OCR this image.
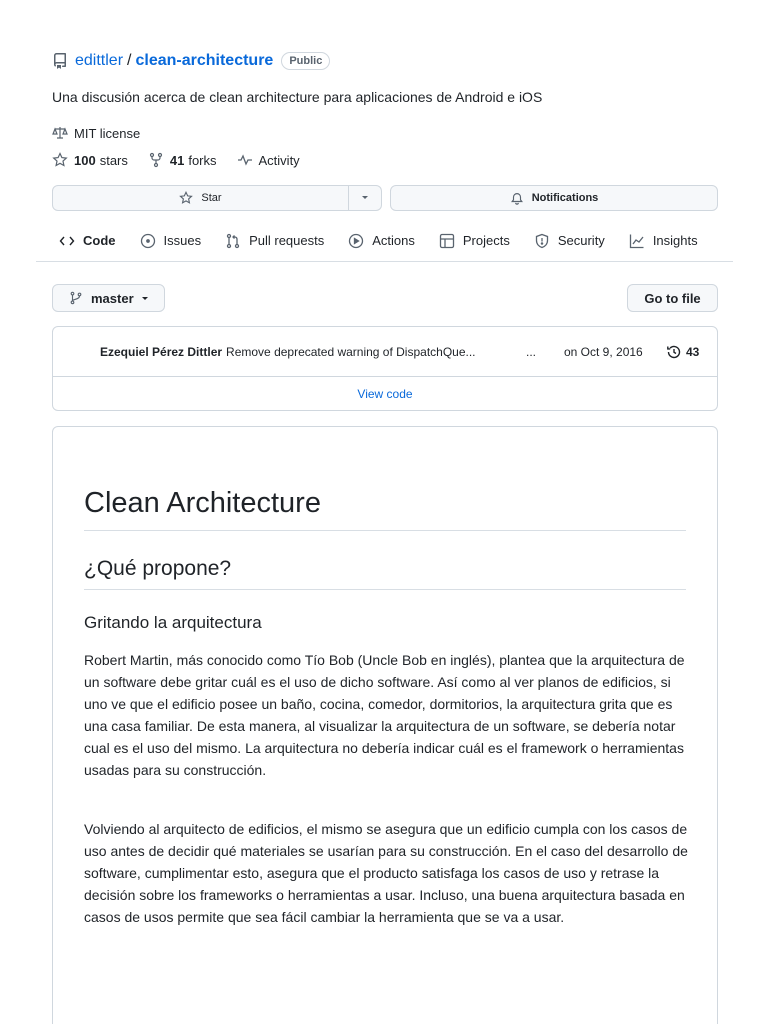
edittler / clean-architecture	Public
Una discusión acerca de clean architecture para aplicaciones de Android e iOS
MIT license
100 stars	41 forks	Activity
Star	Notifications
Code	Issues	Pull requests	Actions	Projects	Security	Insights
master	Go to file
Ezequiel Pérez Dittler Remove deprecated warning of DispatchQue...	... on Oct 9, 2016	43
View code
Clean Architecture
¿Qué propone?
Gritando la arquitectura

Robert Martin, más conocido como Tío Bob (Uncle Bob en inglés), plantea que la arquitectura de un software debe gritar cuál es el uso de dicho software. Así como al ver planos de edificios, si uno ve que el edificio posee un baño, cocina, comedor, dormitorios, la arquitectura grita que es una casa familiar. De esta manera, al visualizar la arquitectura de un software, se debería notar cual es el uso del mismo. La arquitectura no debería indicar cuál es el framework o herramientas usadas para su construcción.

Volviendo al arquitecto de edificios, el mismo se asegura que un edificio cumpla con los casos de uso antes de decidir qué materiales se usarían para su construcción. En el caso del desarrollo de software, cumplimentar esto, asegura que el producto satisfaga los casos de uso y retrase la decisión sobre los frameworks o herramientas a usar. Incluso, una buena arquitectura basada en casos de usos permite que sea fácil cambiar la herramienta que se va a usar.
